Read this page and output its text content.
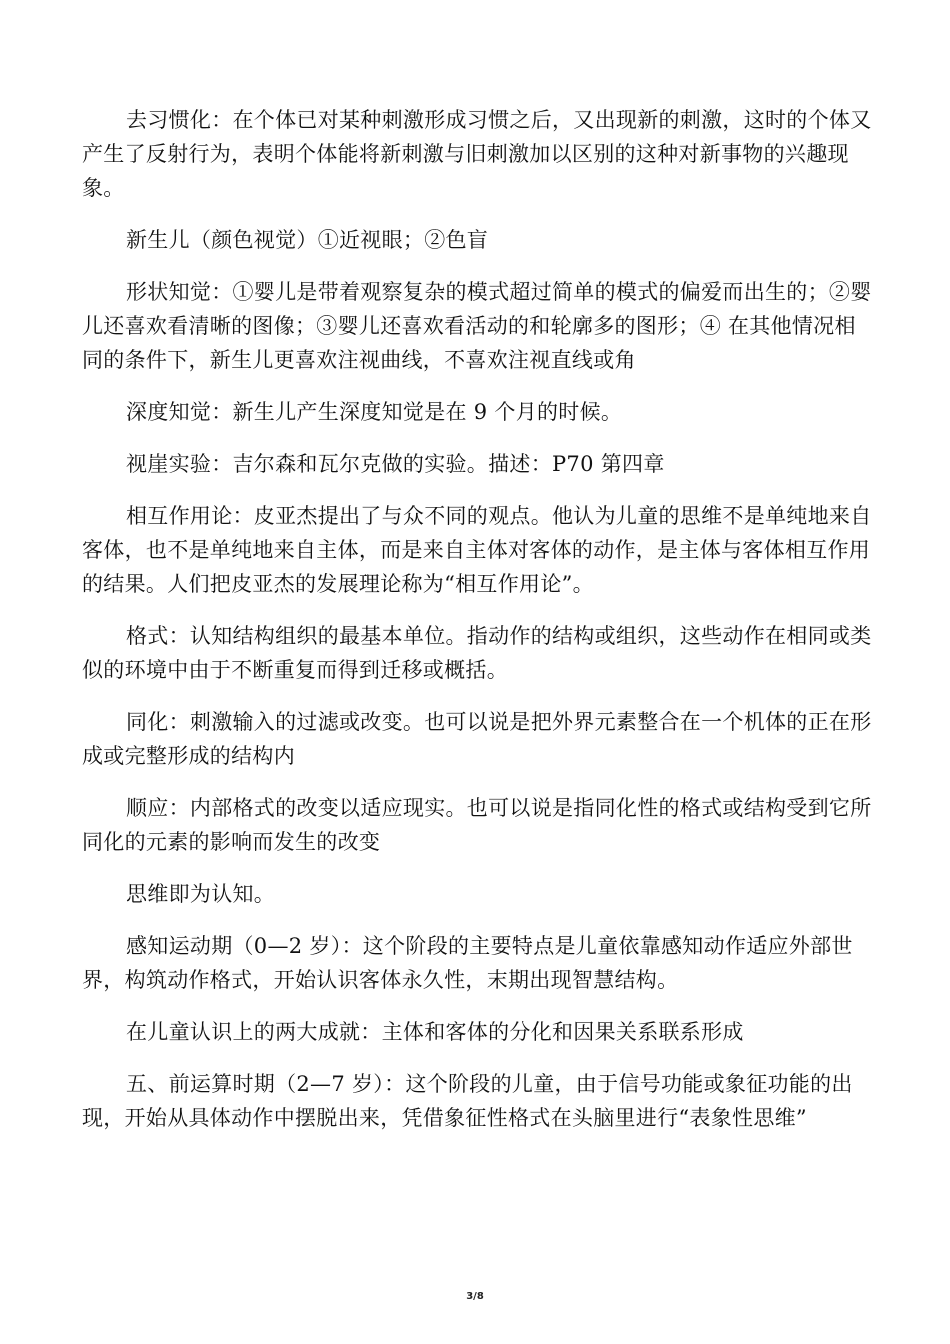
去习惯化：在个体已对某种刺激形成习惯之后，又出现新的刺激，这时的个体又产生了反射行为，表明个体能将新刺激与旧刺激加以区别的这种对新事物的兴趣现象。

新生儿（颜色视觉）①近视眼；②色盲

形状知觉：①婴儿是带着观察复杂的模式超过简单的模式的偏爱而出生的；②婴儿还喜欢看清晰的图像；③婴儿还喜欢看活动的和轮廓多的图形；④ 在其他情况相同的条件下，新生儿更喜欢注视曲线，不喜欢注视直线或角

深度知觉：新生儿产生深度知觉是在 9 个月的时候。

视崖实验：吉尔森和瓦尔克做的实验。描述：P70 第四章

相互作用论：皮亚杰提出了与众不同的观点。他认为儿童的思维不是单纯地来自客体，也不是单纯地来自主体，而是来自主体对客体的动作，是主体与客体相互作用的结果。人们把皮亚杰的发展理论称为“相互作用论”。

格式：认知结构组织的最基本单位。指动作的结构或组织，这些动作在相同或类似的环境中由于不断重复而得到迁移或概括。

同化：刺激输入的过滤或改变。也可以说是把外界元素整合在一个机体的正在形成或完整形成的结构内

顺应：内部格式的改变以适应现实。也可以说是指同化性的格式或结构受到它所同化的元素的影响而发生的改变

思维即为认知。

感知运动期（0—2 岁）：这个阶段的主要特点是儿童依靠感知动作适应外部世界，构筑动作格式，开始认识客体永久性，末期出现智慧结构。

在儿童认识上的两大成就：主体和客体的分化和因果关系联系形成

五、前运算时期（2—7 岁）：这个阶段的儿童，由于信号功能或象征功能的出现，开始从具体动作中摆脱出来，凭借象征性格式在头脑里进行“表象性思维”

3/8
